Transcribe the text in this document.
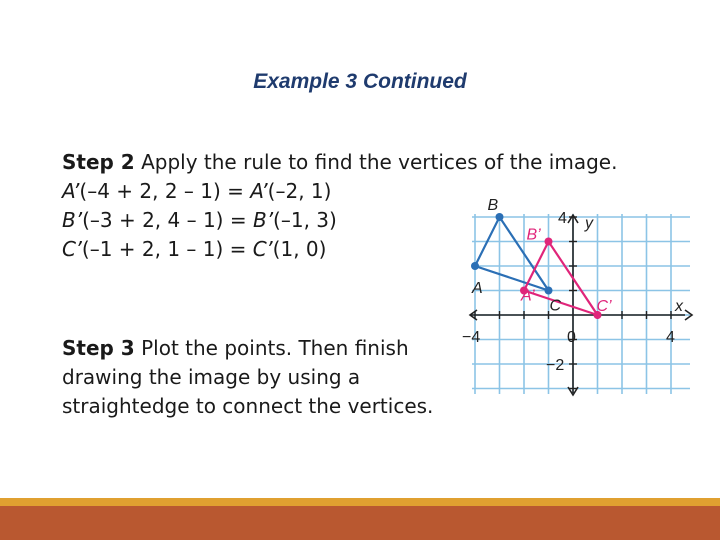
Example 3 Continued
Step 2 Apply the rule to find the vertices of the image.
A’(–4 + 2, 2 – 1) = A’(–2, 1)
B’(–3 + 2, 4 – 1) = B’(–1, 3)
C’(–1 + 2, 1 – 1) = C’(1, 0)
Step 3 Plot the points. Then finish drawing the image by using a straightedge to connect the vertices.
A
B
C
A’
B’
C’	x
y
−4	4
4
−2
0
